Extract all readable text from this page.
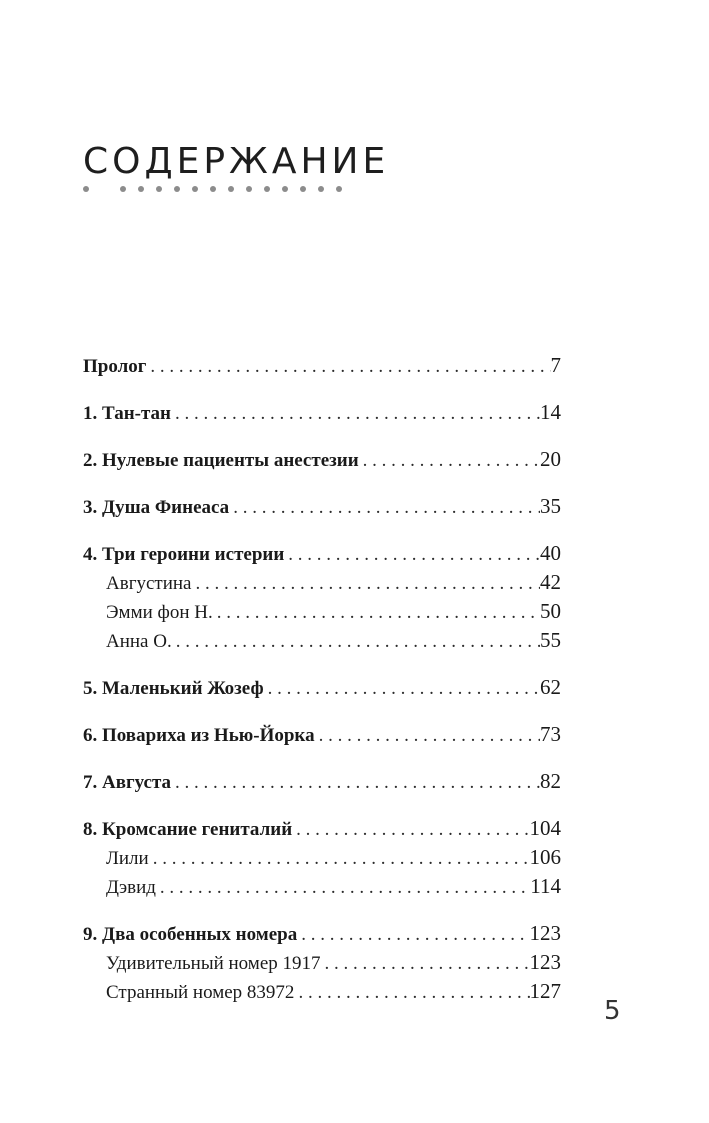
СОДЕРЖАНИЕ
Пролог . . .	7
1. Тан-тан . . .	14
2. Нулевые пациенты анестезии . . .	20
3. Душа Финеаса . . .	35
4. Три героини истерии . . .	40
Августина . . .	42
Эмми фон Н. . . .	50
Анна О. . . .	55
5. Маленький Жозеф . . .	62
6. Повариха из Нью-Йорка . . .	73
7. Августа . . .	82
8. Кромсание гениталий . . .	104
Лили . . .	106
Дэвид . . .	114
9. Два особенных номера . . .	123
Удивительный номер 1917 . . .	123
Странный номер 83972 . . .	127
5
